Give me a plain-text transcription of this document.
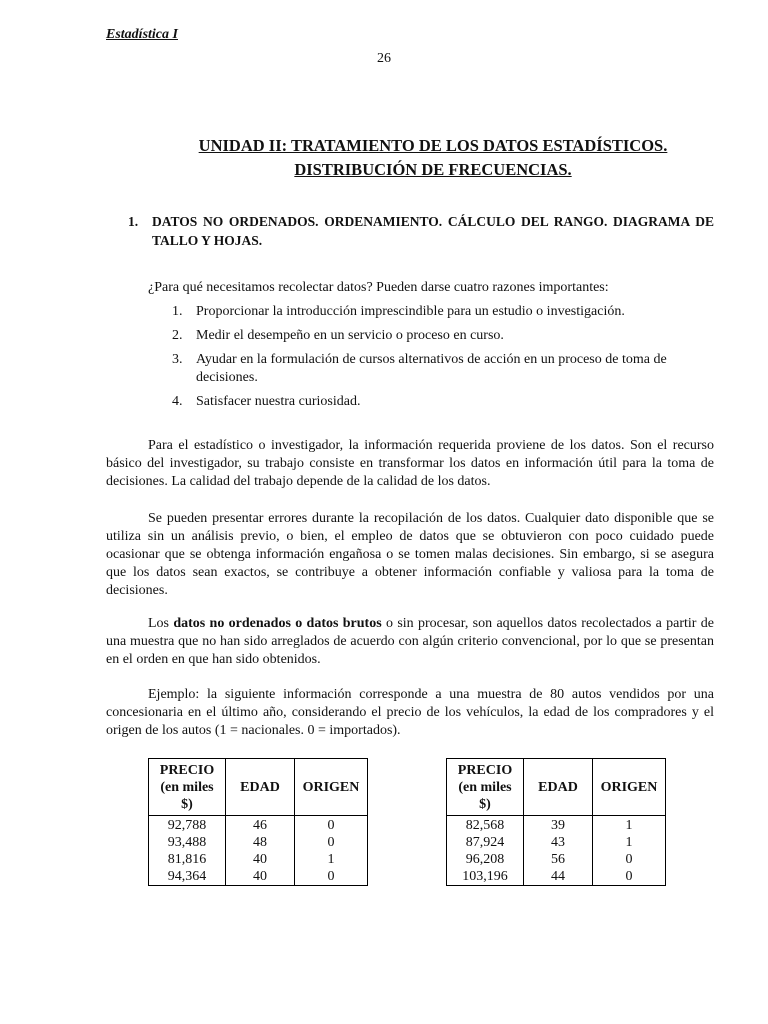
Estadística I
26
UNIDAD II: TRATAMIENTO DE LOS DATOS ESTADÍSTICOS.
DISTRIBUCIÓN DE FRECUENCIAS.
1. DATOS NO ORDENADOS. ORDENAMIENTO. CÁLCULO DEL RANGO. DIAGRAMA DE TALLO Y HOJAS.
¿Para qué necesitamos recolectar datos? Pueden darse cuatro razones importantes:
1. Proporcionar la introducción imprescindible para un estudio o investigación.
2. Medir el desempeño en un servicio o proceso en curso.
3. Ayudar en la formulación de cursos alternativos de acción en un proceso de toma de decisiones.
4. Satisfacer nuestra curiosidad.

Para el estadístico o investigador, la información requerida proviene de los datos. Son el recurso básico del investigador, su trabajo consiste en transformar los datos en información útil para la toma de decisiones. La calidad del trabajo depende de la calidad de los datos.

Se pueden presentar errores durante la recopilación de los datos. Cualquier dato disponible que se utiliza sin un análisis previo, o bien, el empleo de datos que se obtuvieron con poco cuidado puede ocasionar que se obtenga información engañosa o se tomen malas decisiones. Sin embargo, si se asegura que los datos sean exactos, se contribuye a obtener información confiable y valiosa para la toma de decisiones.

Los datos no ordenados o datos brutos o sin procesar, son aquellos datos recolectados a partir de una muestra que no han sido arreglados de acuerdo con algún criterio convencional, por lo que se presentan en el orden en que han sido obtenidos.

Ejemplo: la siguiente información corresponde a una muestra de 80 autos vendidos por una concesionaria en el último año, considerando el precio de los vehículos, la edad de los compradores y el origen de los autos (1 = nacionales. 0 = importados).

PRECIO
(en miles
$)	EDAD	ORIGEN
92,788	46	0
93,488	48	0
81,816	40	1
94,364	40	0
PRECIO
(en miles
$)	EDAD	ORIGEN
82,568	39	1
87,924	43	1
96,208	56	0
103,196	44	0
